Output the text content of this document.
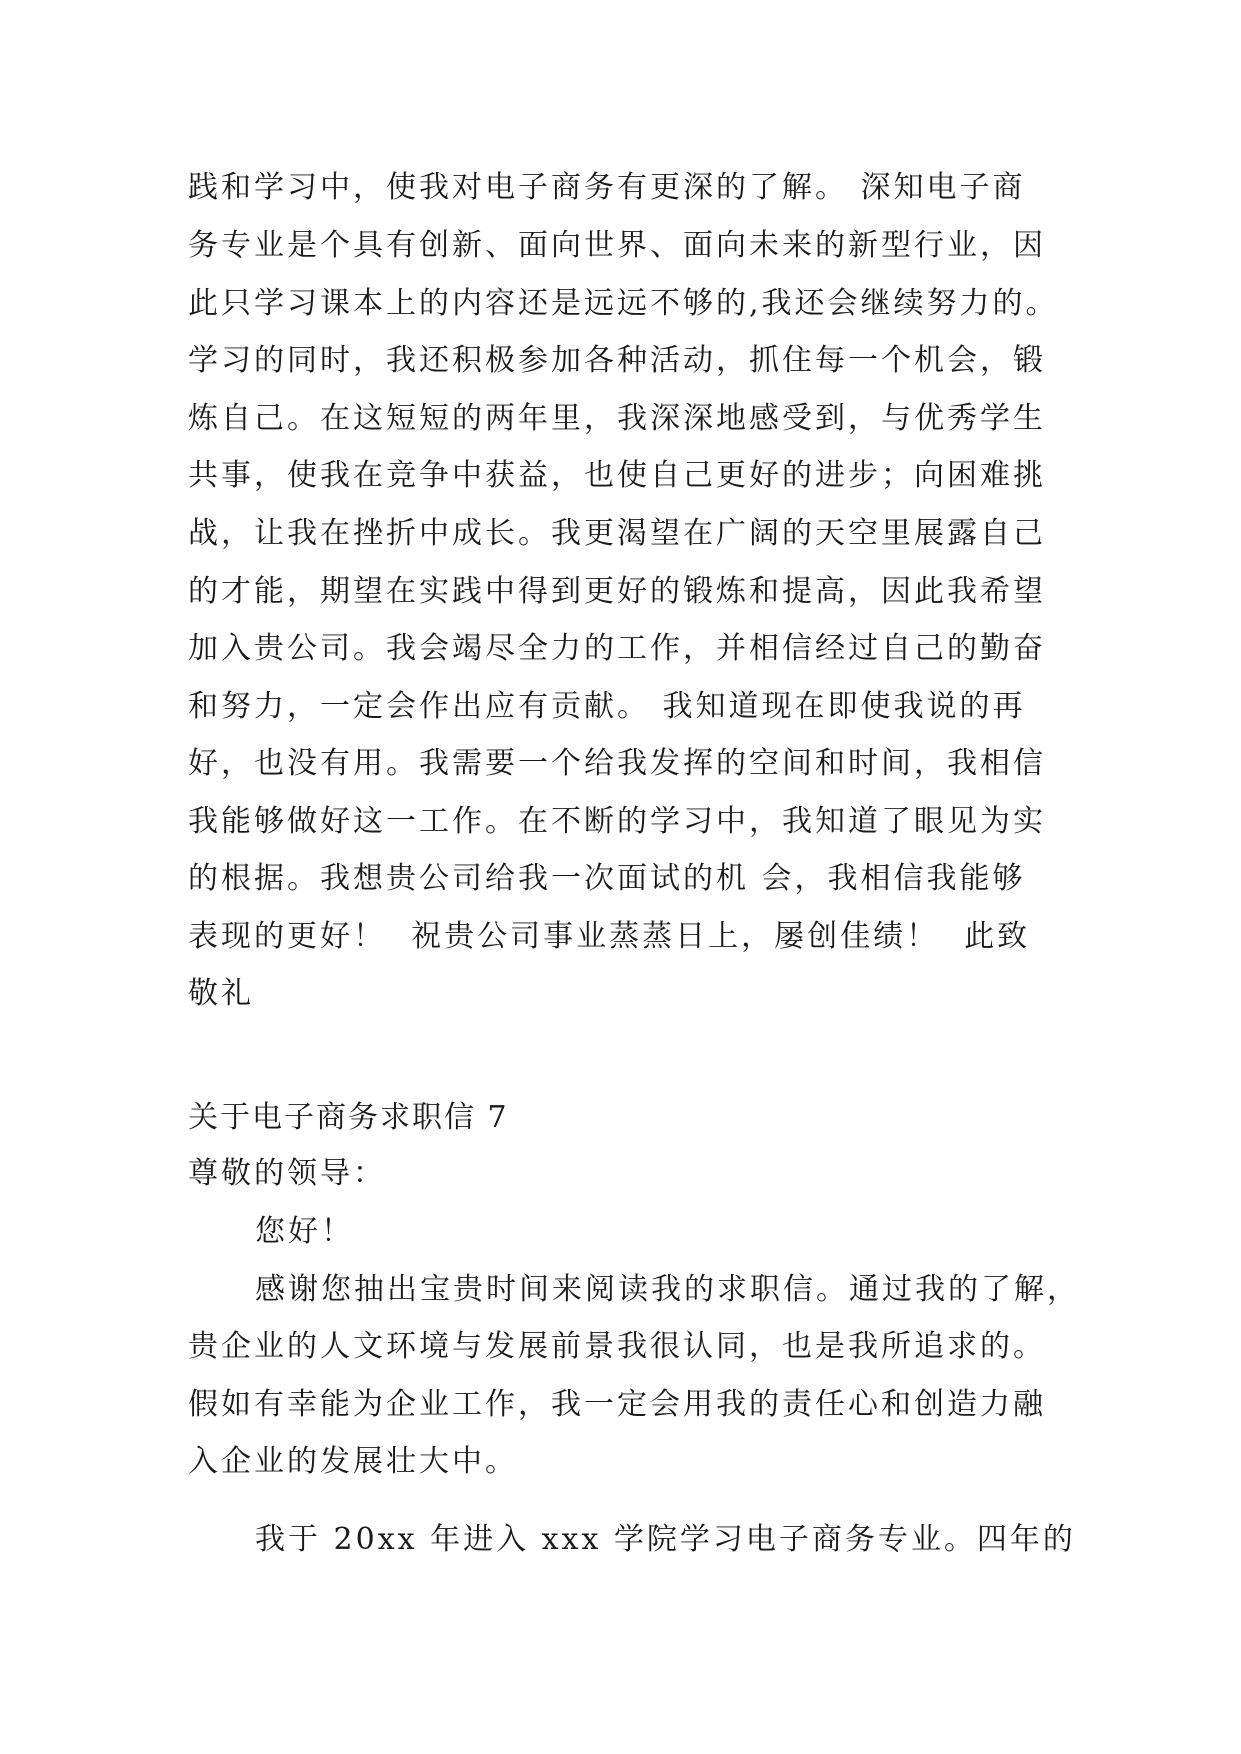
践和学习中，使我对电子商务有更深的了解。 深知电子商
务专业是个具有创新、面向世界、面向未来的新型行业，因
此只学习课本上的内容还是远远不够的,我还会继续努力的。
学习的同时，我还积极参加各种活动，抓住每一个机会，锻
炼自己。在这短短的两年里，我深深地感受到，与优秀学生
共事，使我在竞争中获益，也使自己更好的进步；向困难挑
战，让我在挫折中成长。我更渴望在广阔的天空里展露自己
的才能，期望在实践中得到更好的锻炼和提高，因此我希望
加入贵公司。我会竭尽全力的工作，并相信经过自己的勤奋
和努力，一定会作出应有贡献。 我知道现在即使我说的再
好，也没有用。我需要一个给我发挥的空间和时间，我相信
我能够做好这一工作。在不断的学习中，我知道了眼见为实
的根据。我想贵公司给我一次面试的机 会，我相信我能够
表现的更好！  祝贵公司事业蒸蒸日上，屡创佳绩！  此致
敬礼
关于电子商务求职信 7
尊敬的领导：
您好！
感谢您抽出宝贵时间来阅读我的求职信。通过我的了解，
贵企业的人文环境与发展前景我很认同，也是我所追求的。
假如有幸能为企业工作，我一定会用我的责任心和创造力融
入企业的发展壮大中。
我于 20xx 年进入 xxx 学院学习电子商务专业。四年的
